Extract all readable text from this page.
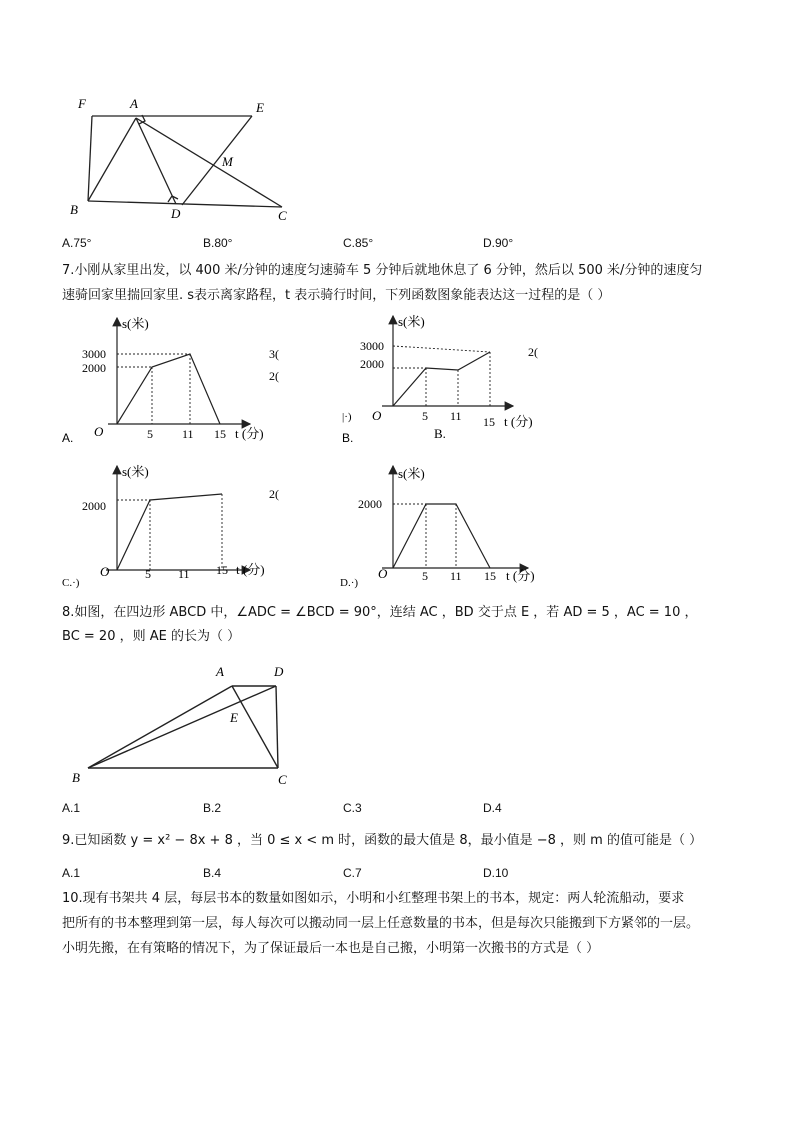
F	A	E
M
B	D	C
A.75°	B.80°	C.85°	D.90°
7.小刚从家里出发，以 400 米/分钟的速度匀速骑车 5 分钟后就地休息了 6 分钟，然后以 500 米/分钟的速度匀
速骑回家里揣回家里. s表示离家路程，t 表示骑行时间，下列函数图象能表达这一过程的是（ ）
s(米)
3000
2000
O	5 11 15 t (分)
3(
2(
A.
s(米)
3000
2000
|·) O	5 11 15 t (分)
2(
B.
B.
s(米)
2000
C.·)
O	5 11 15 t (分)
2(
s(米)
2000
D.·)
O	5 11 15 t (分)
8.如图，在四边形 ABCD 中，∠ADC = ∠BCD = 90°，连结 AC ，BD 交于点 E ，若 AD = 5 ，AC = 10 ，
BC = 20 ，则 AE 的长为（ ）
A	D
E
B	C
A.1	B.2	C.3	D.4
9.已知函数 y = x² − 8x + 8 ，当 0 ≤ x < m 时，函数的最大值是 8，最小值是 −8 ，则 m 的值可能是（ ）
A.1	B.4	C.7	D.10
10.现有书架共 4 层，每层书本的数量如图如示，小明和小红整理书架上的书本，规定：两人轮流船动，要求
把所有的书本整理到第一层，每人每次可以搬动同一层上任意数量的书本，但是每次只能搬到下方紧邻的一层。
小明先搬，在有策略的情况下，为了保证最后一本也是自己搬，小明第一次搬书的方式是（ ）
